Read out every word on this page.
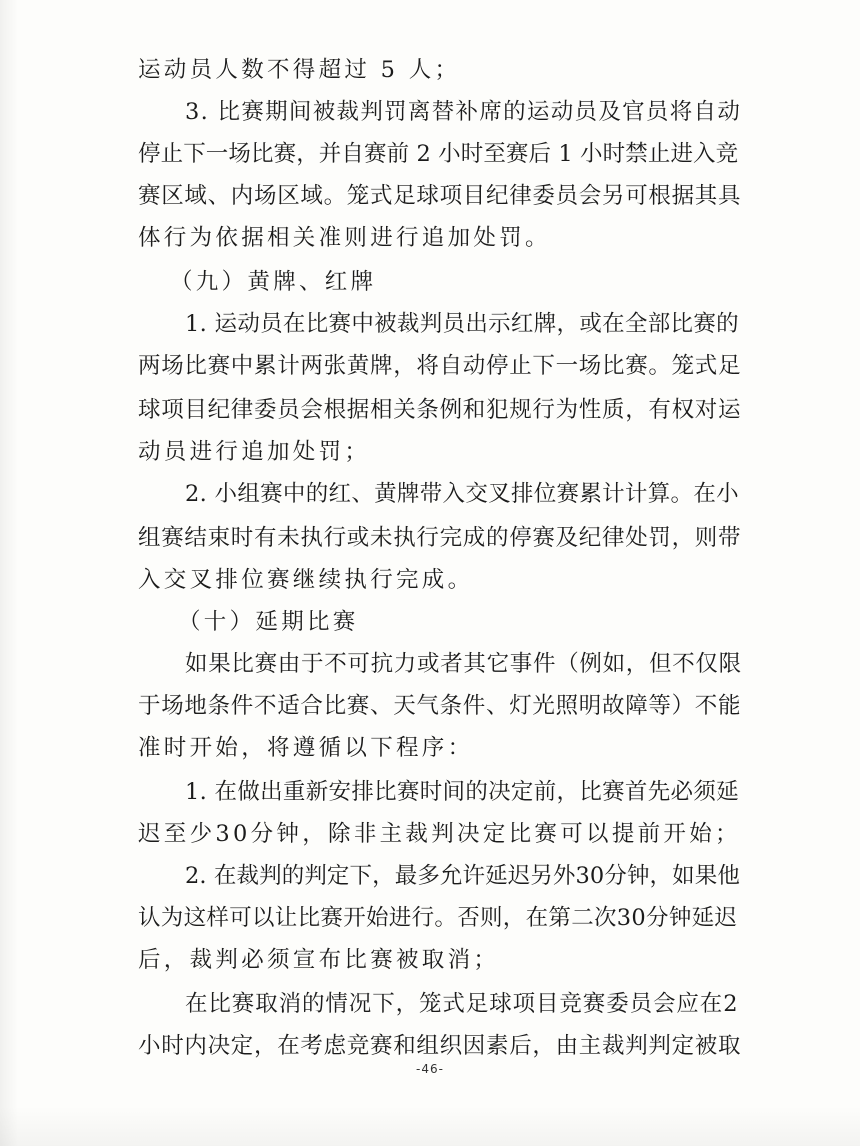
运动员人数不得超过 5 人；
3. 比赛期间被裁判罚离替补席的运动员及官员将自动
停止下一场比赛，并自赛前 2 小时至赛后 1 小时禁止进入竞
赛区域、内场区域。笼式足球项目纪律委员会另可根据其具
体行为依据相关准则进行追加处罚。
（九）黄牌、红牌
1. 运动员在比赛中被裁判员出示红牌，或在全部比赛的
两场比赛中累计两张黄牌，将自动停止下一场比赛。笼式足
球项目纪律委员会根据相关条例和犯规行为性质，有权对运
动员进行追加处罚；
2. 小组赛中的红、黄牌带入交叉排位赛累计计算。在小
组赛结束时有未执行或未执行完成的停赛及纪律处罚，则带
入交叉排位赛继续执行完成。
（十）延期比赛
如果比赛由于不可抗力或者其它事件（例如，但不仅限
于场地条件不适合比赛、天气条件、灯光照明故障等）不能
准时开始，将遵循以下程序：
1. 在做出重新安排比赛时间的决定前，比赛首先必须延
迟至少30分钟，除非主裁判决定比赛可以提前开始；
2. 在裁判的判定下，最多允许延迟另外30分钟，如果他
认为这样可以让比赛开始进行。否则，在第二次30分钟延迟
后，裁判必须宣布比赛被取消；
在比赛取消的情况下，笼式足球项目竞赛委员会应在2
小时内决定，在考虑竞赛和组织因素后，由主裁判判定被取
-46-
